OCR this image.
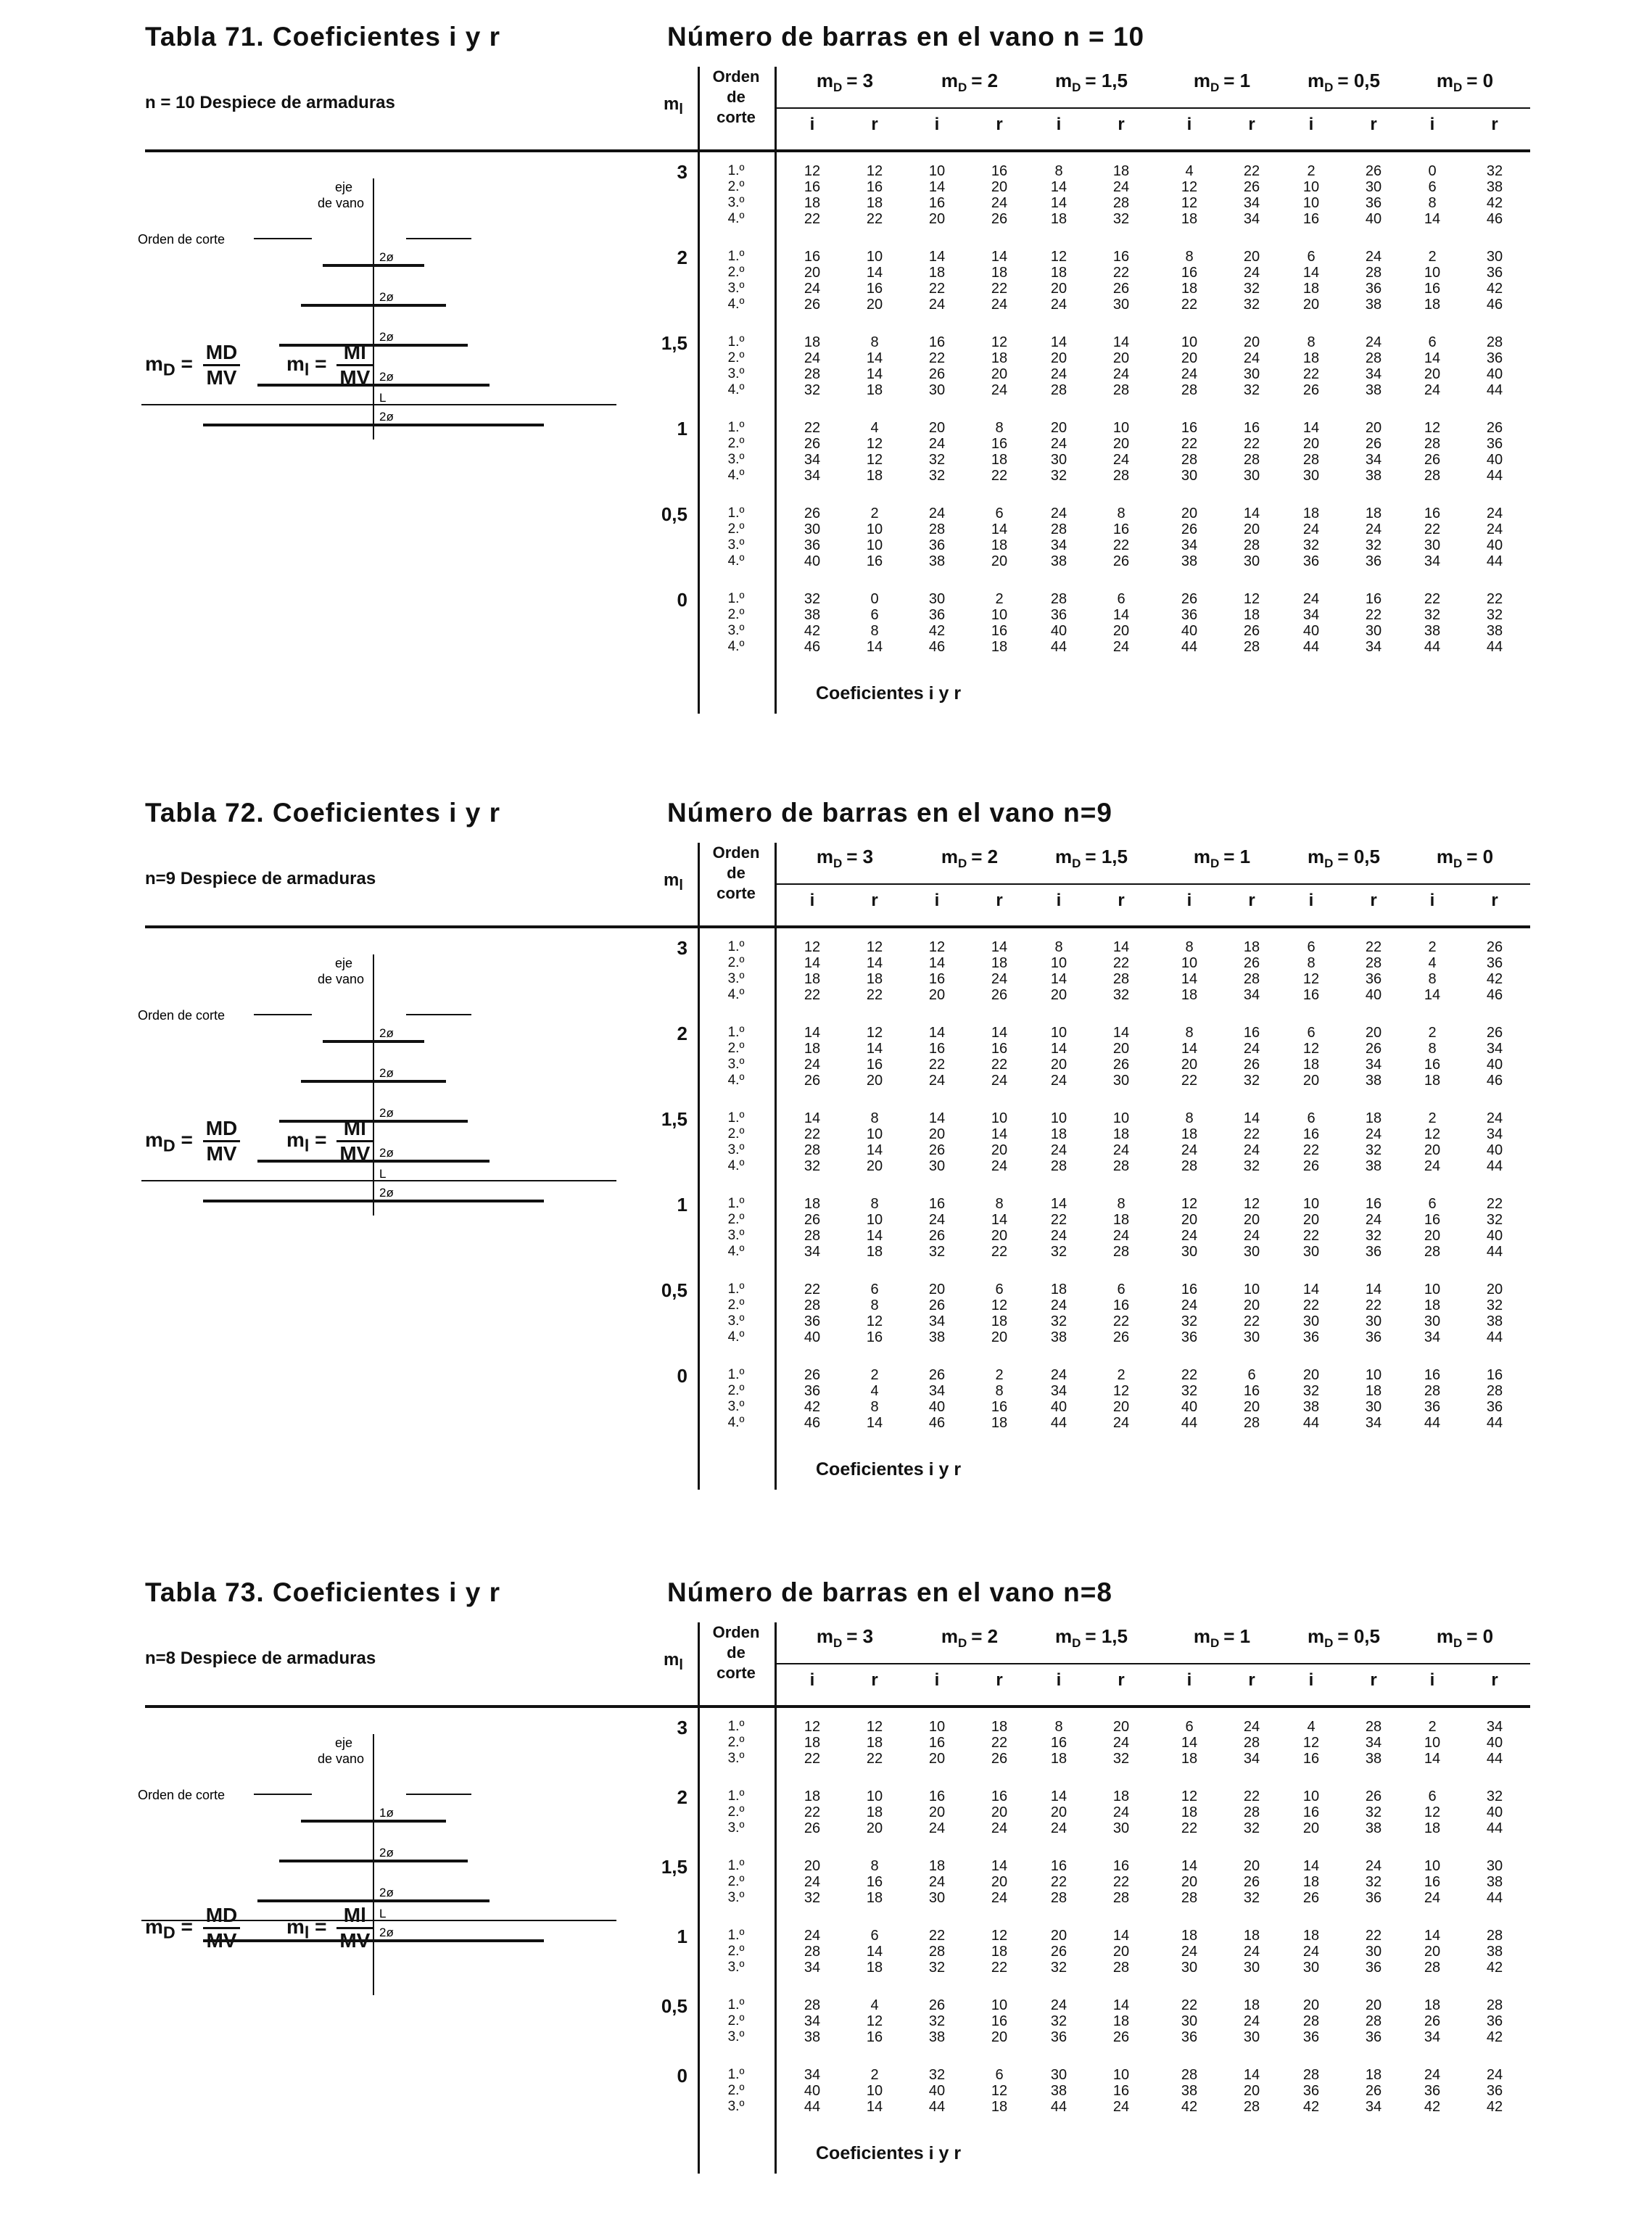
Tabla 71. Coeficientes i y r	Número de barras en el vano n = 10
n = 10 Despiece de armaduras	$m_l$
Orden
de
corte
$m_D = 3$
i	r
$m_D = 2$
i	r
$m_D = 1,5$
i	r
$m_D = 1$
i	r
$m_D = 0,5$
i	r
$m_D = 0$
i	r
3	1.º	12	12	10	16	8	18	4	22	2	26	0	32
2.º	16	16	14	20	14	24	12	26	10	30	6	38
3.º	18	18	16	24	14	28	12	34	10	36	8	42
4.º	22	22	20	26	18	32	18	34	16	40	14	46
2	1.º	16	10	14	14	12	16	8	20	6	24	2	30
2.º	20	14	18	18	18	22	16	24	14	28	10	36
3.º	24	16	22	22	20	26	18	32	18	36	16	42
4.º	26	20	24	24	24	30	22	32	20	38	18	46
1,5	1.º	18	8	16	12	14	14	10	20	8	24	6	28
2.º	24	14	22	18	20	20	20	24	18	28	14	36
3.º	28	14	26	20	24	24	24	30	22	34	20	40
4.º	32	18	30	24	28	28	28	32	26	38	24	44
1	1.º	22	4	20	8	20	10	16	16	14	20	12	26
2.º	26	12	24	16	24	20	22	22	20	26	28	36
3.º	34	12	32	18	30	24	28	28	28	34	26	40
4.º	34	18	32	22	32	28	30	30	30	38	28	44
0,5	1.º	26	2	24	6	24	8	20	14	18	18	16	24
2.º	30	10	28	14	28	16	26	20	24	24	22	24
3.º	36	10	36	18	34	22	34	28	32	32	30	40
4.º	40	16	38	20	38	26	38	30	36	36	34	44
0	1.º	32	0	30	2	28	6	26	12	24	16	22	22
2.º	38	6	36	10	36	14	36	18	34	22	32	32
3.º	42	8	42	16	40	20	40	26	40	30	38	38
4.º	46	14	46	18	44	24	44	28	44	34	44	44
Coeficientes i y r
eje
de vano
Orden de corte
2ø
2ø
2ø
2ø
2ø
L
$m_D = \frac{MD}{MV} m_l = \frac{Ml}{MV}$
Tabla 72. Coeficientes i y r	Número de barras en el vano n=9
n=9 Despiece de armaduras	$m_l$
Orden
de
corte
$m_D = 3$
i	r
$m_D = 2$
i	r
$m_D = 1,5$
i	r
$m_D = 1$
i	r
$m_D = 0,5$
i	r
$m_D = 0$
i	r
3	1.º	12	12	12	14	8	14	8	18	6	22	2	26
2.º	14	14	14	18	10	22	10	26	8	28	4	36
3.º	18	18	16	24	14	28	14	28	12	36	8	42
4.º	22	22	20	26	20	32	18	34	16	40	14	46
2	1.º	14	12	14	14	10	14	8	16	6	20	2	26
2.º	18	14	16	16	14	20	14	24	12	26	8	34
3.º	24	16	22	22	20	26	20	26	18	34	16	40
4.º	26	20	24	24	24	30	22	32	20	38	18	46
1,5	1.º	14	8	14	10	10	10	8	14	6	18	2	24
2.º	22	10	20	14	18	18	18	22	16	24	12	34
3.º	28	14	26	20	24	24	24	24	22	32	20	40
4.º	32	20	30	24	28	28	28	32	26	38	24	44
1	1.º	18	8	16	8	14	8	12	12	10	16	6	22
2.º	26	10	24	14	22	18	20	20	20	24	16	32
3.º	28	14	26	20	24	24	24	24	22	32	20	40
4.º	34	18	32	22	32	28	30	30	30	36	28	44
0,5	1.º	22	6	20	6	18	6	16	10	14	14	10	20
2.º	28	8	26	12	24	16	24	20	22	22	18	32
3.º	36	12	34	18	32	22	32	22	30	30	30	38
4.º	40	16	38	20	38	26	36	30	36	36	34	44
0	1.º	26	2	26	2	24	2	22	6	20	10	16	16
2.º	36	4	34	8	34	12	32	16	32	18	28	28
3.º	42	8	40	16	40	20	40	20	38	30	36	36
4.º	46	14	46	18	44	24	44	28	44	34	44	44
Coeficientes i y r
eje
de vano
Orden de corte
2ø
2ø
2ø
2ø
2ø
L
$m_D = \frac{MD}{MV} m_l = \frac{Ml}{MV}$
Tabla 73. Coeficientes i y r	Número de barras en el vano n=8
n=8 Despiece de armaduras	$m_l$
Orden
de
corte
$m_D = 3$
i	r
$m_D = 2$
i	r
$m_D = 1,5$
i	r
$m_D = 1$
i	r
$m_D = 0,5$
i	r
$m_D = 0$
i	r
3	1.º	12	12	10	18	8	20	6	24	4	28	2	34
2.º	18	18	16	22	16	24	14	28	12	34	10	40
3.º	22	22	20	26	18	32	18	34	16	38	14	44
2	1.º	18	10	16	16	14	18	12	22	10	26	6	32
2.º	22	18	20	20	20	24	18	28	16	32	12	40
3.º	26	20	24	24	24	30	22	32	20	38	18	44
1,5	1.º	20	8	18	14	16	16	14	20	14	24	10	30
2.º	24	16	24	20	22	22	20	26	18	32	16	38
3.º	32	18	30	24	28	28	28	32	26	36	24	44
1	1.º	24	6	22	12	20	14	18	18	18	22	14	28
2.º	28	14	28	18	26	20	24	24	24	30	20	38
3.º	34	18	32	22	32	28	30	30	30	36	28	42
0,5	1.º	28	4	26	10	24	14	22	18	20	20	18	28
2.º	34	12	32	16	32	18	30	24	28	28	26	36
3.º	38	16	38	20	36	26	36	30	36	36	34	42
0	1.º	34	2	32	6	30	10	28	14	28	18	24	24
2.º	40	10	40	12	38	16	38	20	36	26	36	36
3.º	44	14	44	18	44	24	42	28	42	34	42	42
Coeficientes i y r
eje
de vano
Orden de corte
1ø
2ø
2ø
2ø
L
$m_D = \frac{MD}{MV} m_l = \frac{Ml}{MV}$
